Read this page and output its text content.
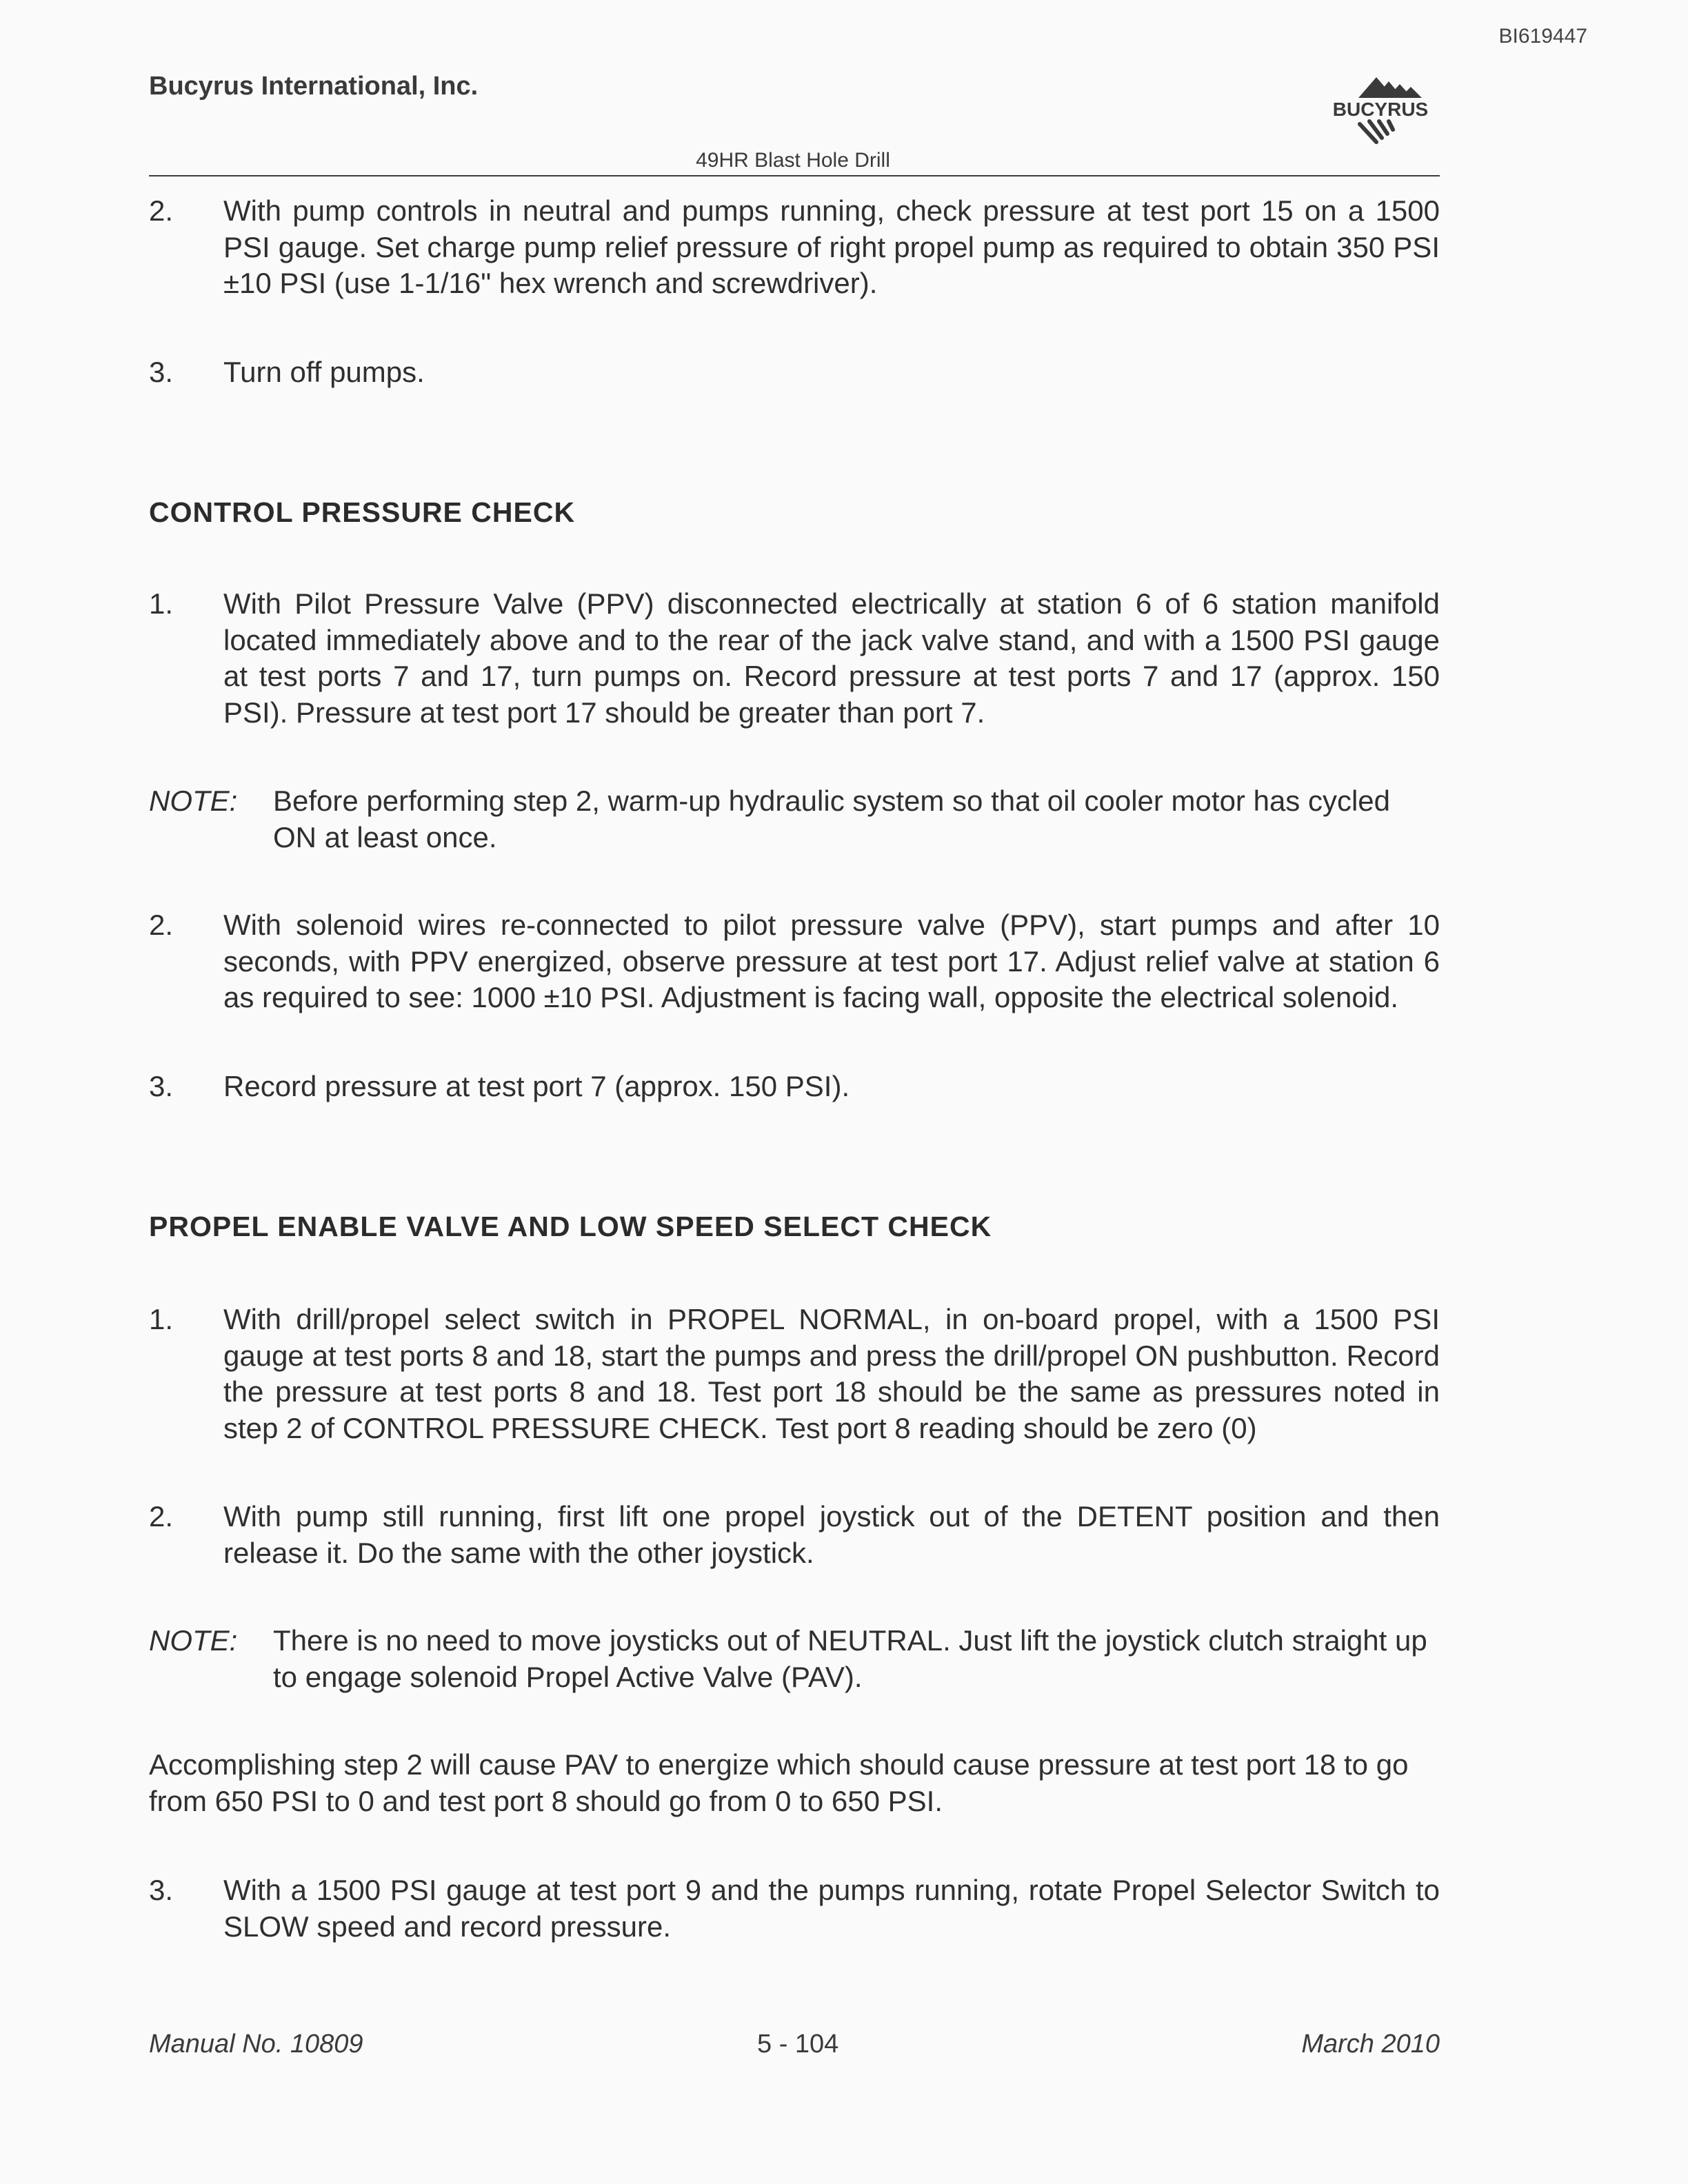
BI619447
Bucyrus International, Inc.
BUCYRUS
49HR Blast Hole Drill
2. With pump controls in neutral and pumps running, check pressure at test port 15 on a 1500 PSI gauge. Set charge pump relief pressure of right propel pump as required to obtain 350 PSI ±10 PSI (use 1-1/16" hex wrench and screwdriver).
3. Turn off pumps.
CONTROL PRESSURE CHECK
1. With Pilot Pressure Valve (PPV) disconnected electrically at station 6 of 6 station manifold located immediately above and to the rear of the jack valve stand, and with a 1500 PSI gauge at test ports 7 and 17, turn pumps on. Record pressure at test ports 7 and 17 (approx. 150 PSI). Pressure at test port 17 should be greater than port 7.
NOTE: Before performing step 2, warm-up hydraulic system so that oil cooler motor has cycled ON at least once.
2. With solenoid wires re-connected to pilot pressure valve (PPV), start pumps and after 10 seconds, with PPV energized, observe pressure at test port 17. Adjust relief valve at station 6 as required to see: 1000 ±10 PSI. Adjustment is facing wall, opposite the electrical solenoid.
3. Record pressure at test port 7 (approx. 150 PSI).
PROPEL ENABLE VALVE AND LOW SPEED SELECT CHECK
1. With drill/propel select switch in PROPEL NORMAL, in on-board propel, with a 1500 PSI gauge at test ports 8 and 18, start the pumps and press the drill/propel ON pushbutton. Record the pressure at test ports 8 and 18. Test port 18 should be the same as pressures noted in step 2 of CONTROL PRESSURE CHECK. Test port 8 reading should be zero (0)
2. With pump still running, first lift one propel joystick out of the DETENT position and then release it. Do the same with the other joystick.
NOTE: There is no need to move joysticks out of NEUTRAL. Just lift the joystick clutch straight up to engage solenoid Propel Active Valve (PAV).
Accomplishing step 2 will cause PAV to energize which should cause pressure at test port 18 to go from 650 PSI to 0 and test port 8 should go from 0 to 650 PSI.
3. With a 1500 PSI gauge at test port 9 and the pumps running, rotate Propel Selector Switch to SLOW speed and record pressure.
Manual No. 10809	5 - 104	March 2010
